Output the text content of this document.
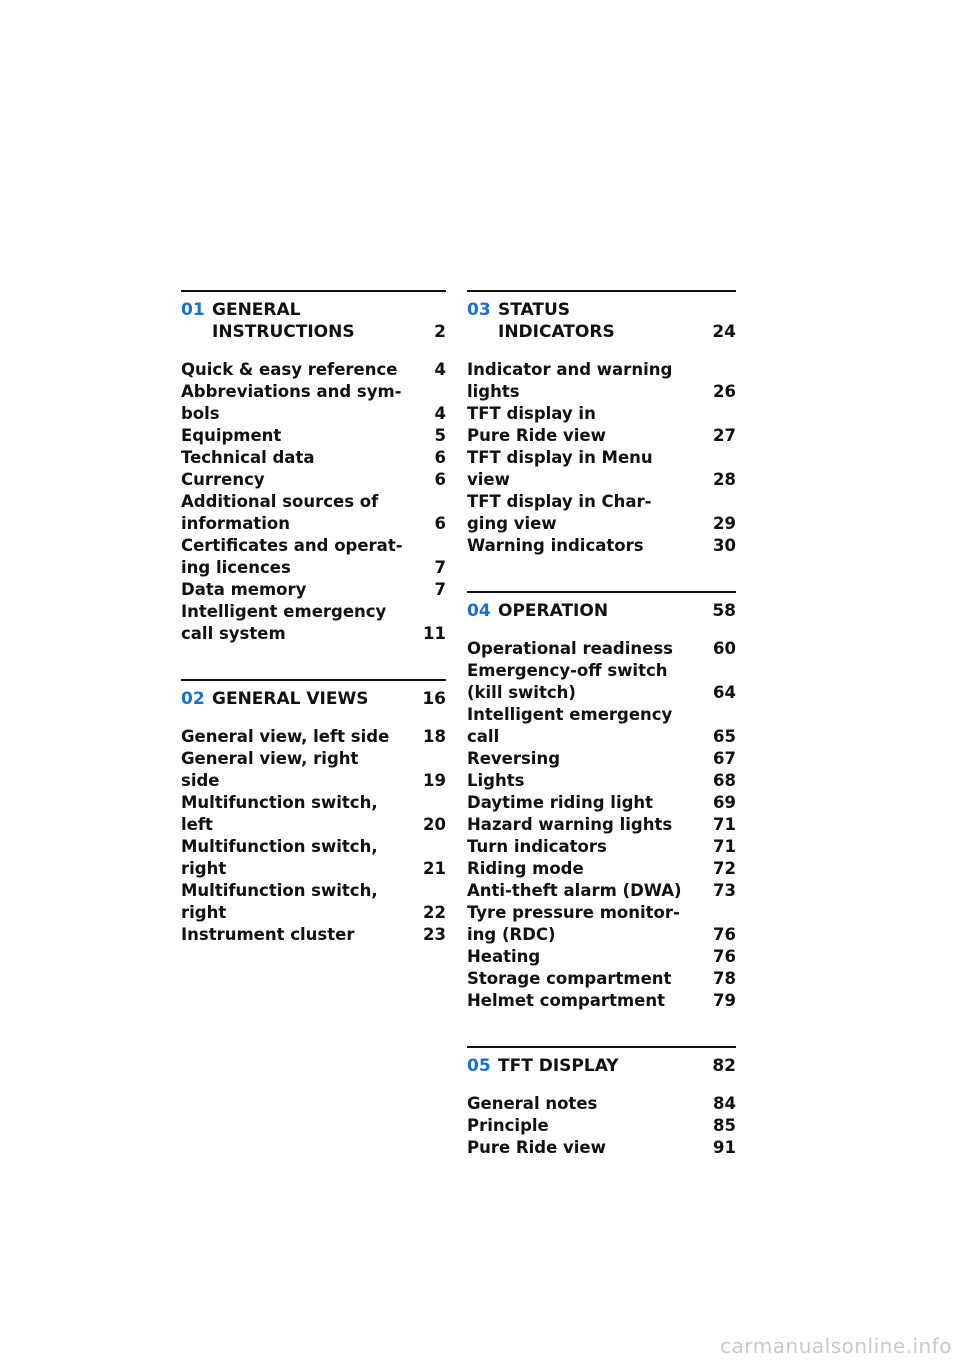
01 GENERAL
INSTRUCTIONS	2
Quick & easy reference	4
Abbreviations and sym-
bols	4
Equipment	5
Technical data	6
Currency	6
Additional sources of
information	6
Certificates and operat-
ing licences	7
Data memory	7
Intelligent emergency
call system	11
02 GENERAL VIEWS	16
General view, left side	18
General view, right
side	19
Multifunction switch,
left	20
Multifunction switch,
right	21
Multifunction switch,
right	22
Instrument cluster	23
03 STATUS
INDICATORS	24
Indicator and warning
lights	26
TFT display in
Pure Ride view	27
TFT display in Menu
view	28
TFT display in Char-
ging view	29
Warning indicators	30
04 OPERATION	58
Operational readiness	60
Emergency-off switch
(kill switch)	64
Intelligent emergency
call	65
Reversing	67
Lights	68
Daytime riding light	69
Hazard warning lights	71
Turn indicators	71
Riding mode	72
Anti-theft alarm (DWA)	73
Tyre pressure monitor-
ing (RDC)	76
Heating	76
Storage compartment	78
Helmet compartment	79
05 TFT DISPLAY	82
General notes	84
Principle	85
Pure Ride view	91
carmanualsonline.info
